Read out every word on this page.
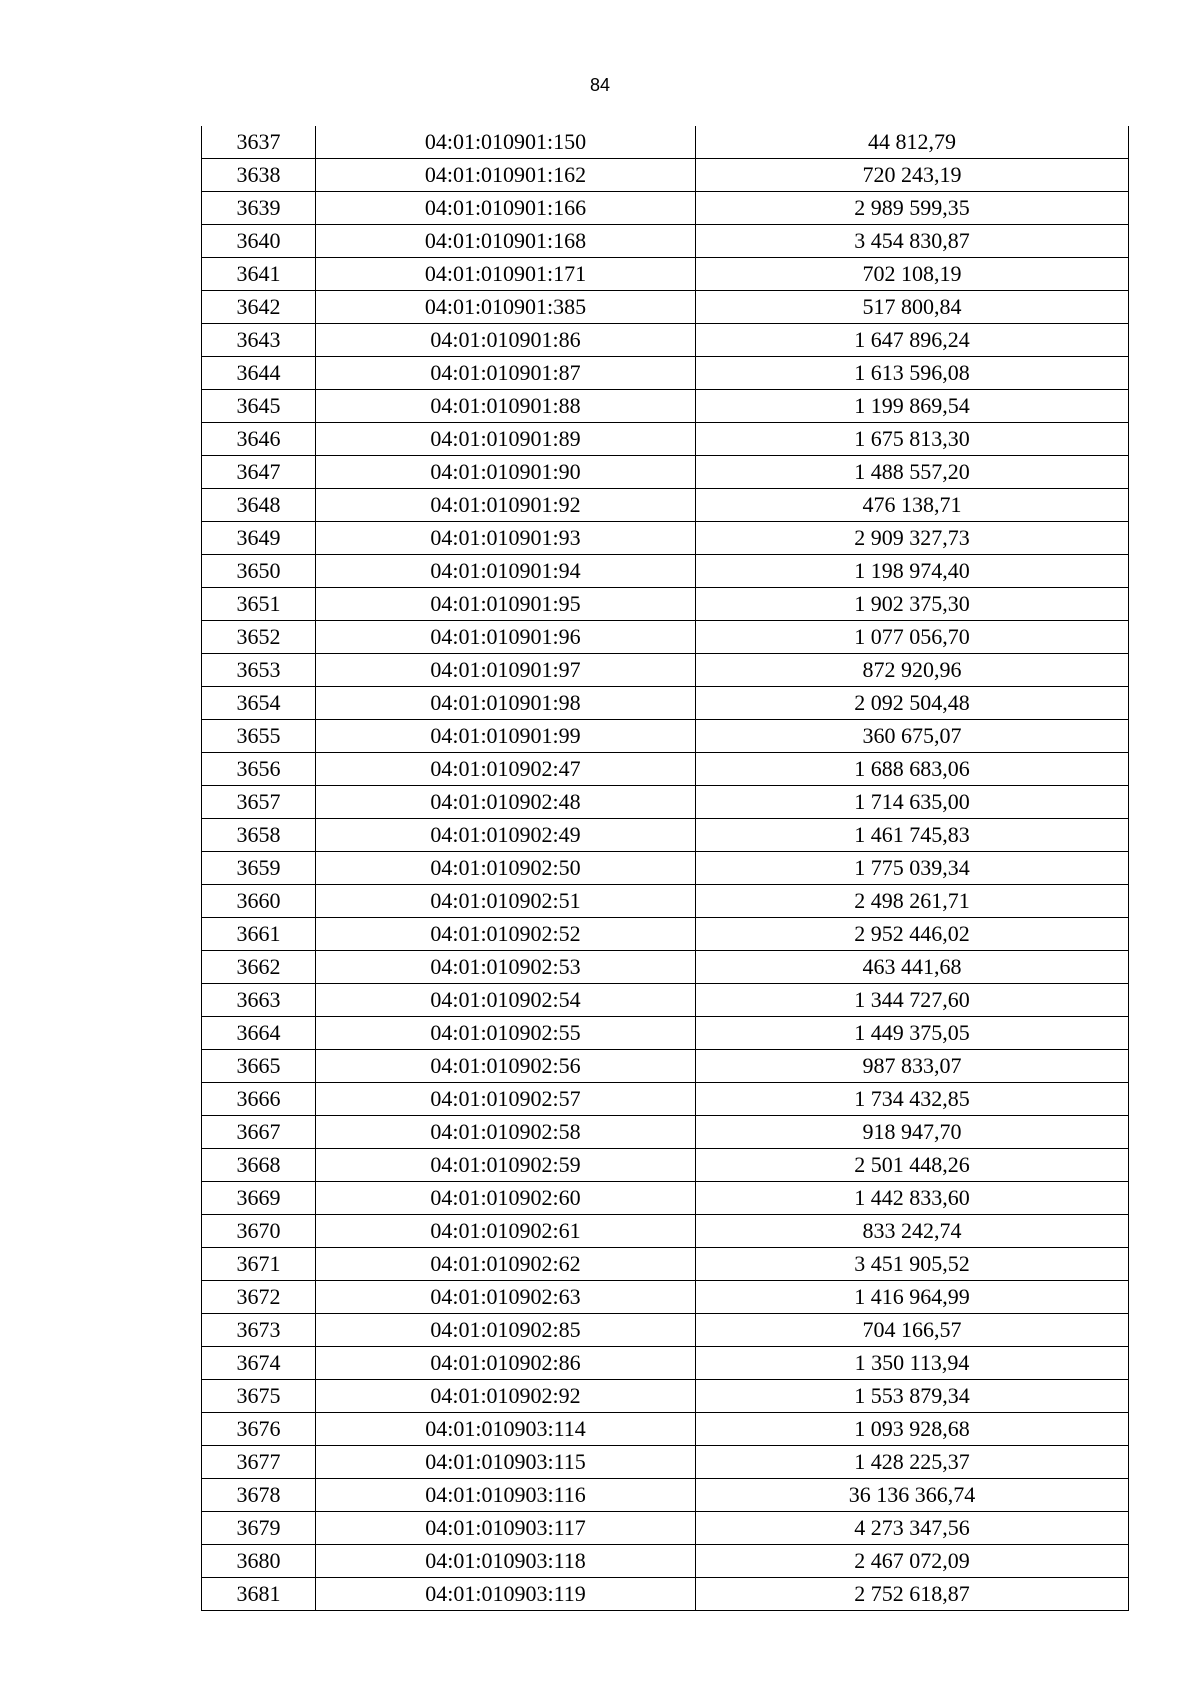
84
3637	04:01:010901:150	44 812,79
3638	04:01:010901:162	720 243,19
3639	04:01:010901:166	2 989 599,35
3640	04:01:010901:168	3 454 830,87
3641	04:01:010901:171	702 108,19
3642	04:01:010901:385	517 800,84
3643	04:01:010901:86	1 647 896,24
3644	04:01:010901:87	1 613 596,08
3645	04:01:010901:88	1 199 869,54
3646	04:01:010901:89	1 675 813,30
3647	04:01:010901:90	1 488 557,20
3648	04:01:010901:92	476 138,71
3649	04:01:010901:93	2 909 327,73
3650	04:01:010901:94	1 198 974,40
3651	04:01:010901:95	1 902 375,30
3652	04:01:010901:96	1 077 056,70
3653	04:01:010901:97	872 920,96
3654	04:01:010901:98	2 092 504,48
3655	04:01:010901:99	360 675,07
3656	04:01:010902:47	1 688 683,06
3657	04:01:010902:48	1 714 635,00
3658	04:01:010902:49	1 461 745,83
3659	04:01:010902:50	1 775 039,34
3660	04:01:010902:51	2 498 261,71
3661	04:01:010902:52	2 952 446,02
3662	04:01:010902:53	463 441,68
3663	04:01:010902:54	1 344 727,60
3664	04:01:010902:55	1 449 375,05
3665	04:01:010902:56	987 833,07
3666	04:01:010902:57	1 734 432,85
3667	04:01:010902:58	918 947,70
3668	04:01:010902:59	2 501 448,26
3669	04:01:010902:60	1 442 833,60
3670	04:01:010902:61	833 242,74
3671	04:01:010902:62	3 451 905,52
3672	04:01:010902:63	1 416 964,99
3673	04:01:010902:85	704 166,57
3674	04:01:010902:86	1 350 113,94
3675	04:01:010902:92	1 553 879,34
3676	04:01:010903:114	1 093 928,68
3677	04:01:010903:115	1 428 225,37
3678	04:01:010903:116	36 136 366,74
3679	04:01:010903:117	4 273 347,56
3680	04:01:010903:118	2 467 072,09
3681	04:01:010903:119	2 752 618,87
